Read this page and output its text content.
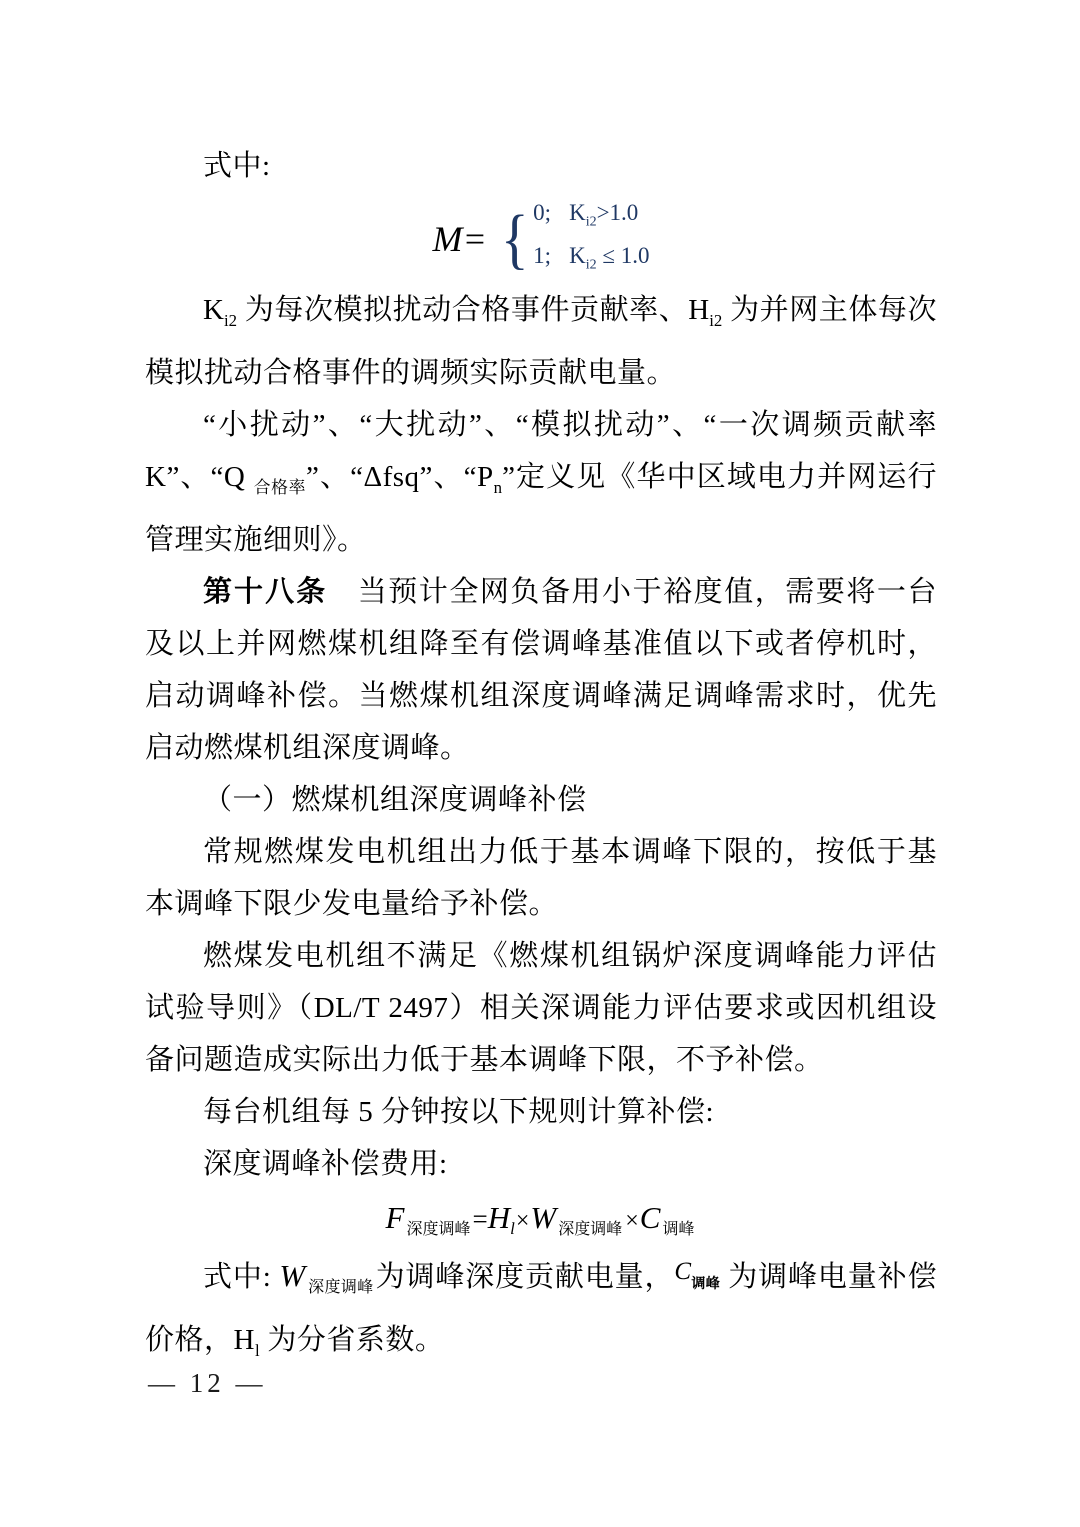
式中:

M= { 0; $K_{i2}>1.0$
1; $K_{i2} \le 1.0$

$K_{i2}$ 为每次模拟扰动合格事件贡献率、$H_{i2}$ 为并网主体每次模拟扰动合格事件的调频实际贡献电量。

“小扰动”、“大扰动”、“模拟扰动”、“一次调频贡献率 K”、“Q $_{合格率}$”、“Δfsq”、“$P_n$”定义见《华中区域电力并网运行管理实施细则》。

第十八条　当预计全网负备用小于裕度值，需要将一台及以上并网燃煤机组降至有偿调峰基准值以下或者停机时，启动调峰补偿。当燃煤机组深度调峰满足调峰需求时，优先启动燃煤机组深度调峰。

（一）燃煤机组深度调峰补偿

常规燃煤发电机组出力低于基本调峰下限的，按低于基本调峰下限少发电量给予补偿。

燃煤发电机组不满足《燃煤机组锅炉深度调峰能力评估试验导则》（DL/T 2497）相关深调能力评估要求或因机组设备问题造成实际出力低于基本调峰下限，不予补偿。

每台机组每 5 分钟按以下规则计算补偿:

深度调峰补偿费用:

F $_{深度调峰}=H_l\times W$ $_{深度调峰}$ ×C $_{调峰}$

式中: W $_{深度调峰}$为调峰深度贡献电量，C调峰 为调峰电量补偿价格，$H_l$ 为分省系数。

— 12 —
